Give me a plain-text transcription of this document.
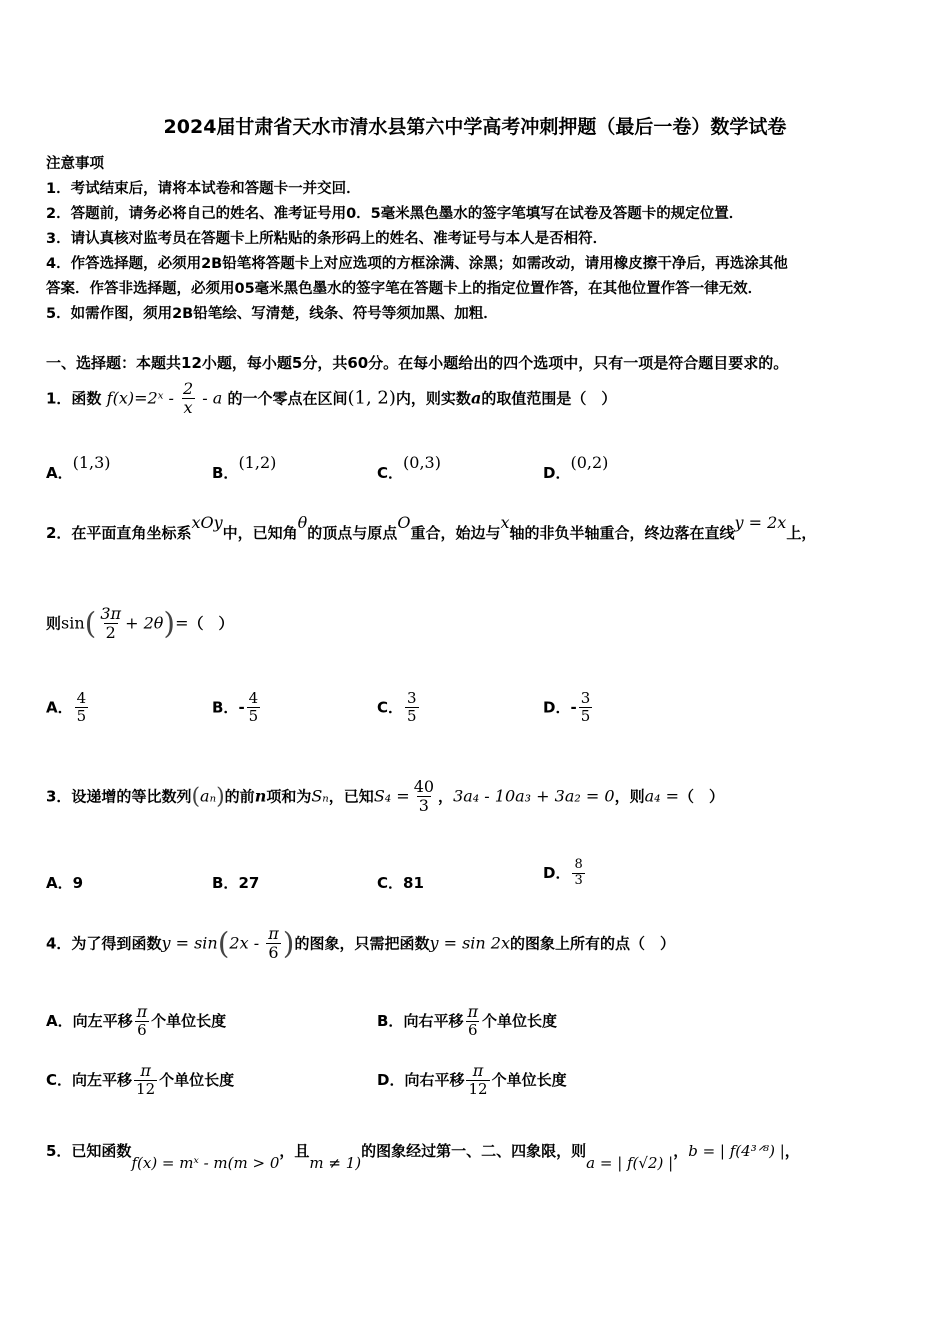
2024届甘肃省天水市清水县第六中学高考冲刺押题（最后一卷）数学试卷
注意事项
1．考试结束后，请将本试卷和答题卡一并交回．
2．答题前，请务必将自己的姓名、准考证号用0．5毫米黑色墨水的签字笔填写在试卷及答题卡的规定位置．
3．请认真核对监考员在答题卡上所粘贴的条形码上的姓名、准考证号与本人是否相符．
4．作答选择题，必须用2B铅笔将答题卡上对应选项的方框涂满、涂黑；如需改动，请用橡皮擦干净后，再选涂其他
答案．作答非选择题，必须用05毫米黑色墨水的签字笔在答题卡上的指定位置作答，在其他位置作答一律无效．
5．如需作图，须用2B铅笔绘、写清楚，线条、符号等须加黑、加粗．
一、选择题：本题共12小题，每小题5分，共60分。在每小题给出的四个选项中，只有一项是符合题目要求的。
1．函数 f(x)=2ˣ - $\frac{2}{x}$ - a 的一个零点在区间(1, 2)内，则实数a的取值范围是（　）
A．(1,3)
B．(1,2)
C．(0,3)
D．(0,2)
2．在平面直角坐标系xOy中，已知角θ的顶点与原点O重合，始边与x轴的非负半轴重合，终边落在直线y = 2x上，
则$\sin( \frac{3\pi}{2} + 2\theta)=$（　）
A． $\frac{4}{5}$	B．- $\frac{4}{5}$	C． $\frac{3}{5}$	D．- $\frac{3}{5}$
3．设递增的等比数列(aₙ)的前n项和为Sₙ，已知$S_4 = \frac{40}{3}$ ，3a₄ - 10a₃ + 3a₂ = 0，则a₄ =（　）
A．9	B．27	C．81
D． $\frac{8}{3}$
4．为了得到函数$y = \sin(2x - \frac{\pi}{6}$ )的图象，只需把函数y = sin 2x的图象上所有的点（　）
A．向左平移 $\frac{\pi}{6}$ 个单位长度	B．向右平移 $\frac{\pi}{6}$ 个单位长度
C．向左平移 $\frac{\pi}{12}$ 个单位长度	D．向右平移 $\frac{\pi}{12}$ 个单位长度
5．已知函数f(x) = mˣ - m(m > 0，且m ≠ 1)的图象经过第一、二、四象限，则a = | f(√2) |，b = | f(4³ᐟ⁸) |，
